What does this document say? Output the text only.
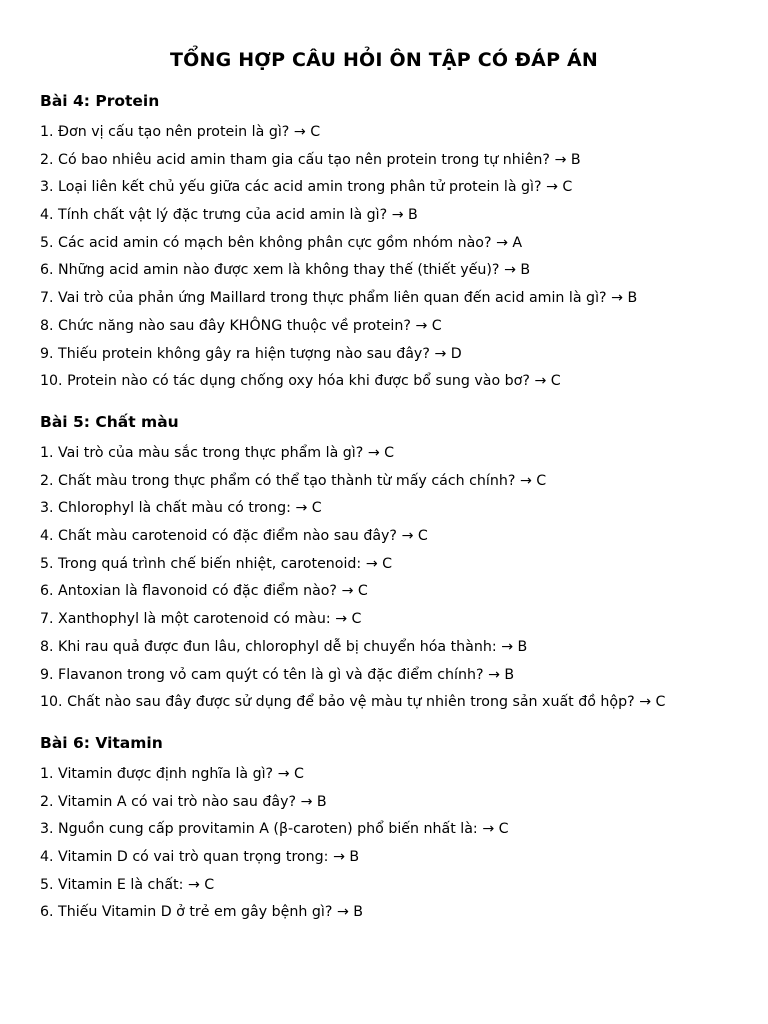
TỔNG HỢP CÂU HỎI ÔN TẬP CÓ ĐÁP ÁN
Bài 4: Protein
1. Đơn vị cấu tạo nên protein là gì? → C
2. Có bao nhiêu acid amin tham gia cấu tạo nên protein trong tự nhiên? → B
3. Loại liên kết chủ yếu giữa các acid amin trong phân tử protein là gì? → C
4. Tính chất vật lý đặc trưng của acid amin là gì? → B
5. Các acid amin có mạch bên không phân cực gồm nhóm nào? → A
6. Những acid amin nào được xem là không thay thế (thiết yếu)? → B
7. Vai trò của phản ứng Maillard trong thực phẩm liên quan đến acid amin là gì? → B
8. Chức năng nào sau đây KHÔNG thuộc về protein? → C
9. Thiếu protein không gây ra hiện tượng nào sau đây? → D
10. Protein nào có tác dụng chống oxy hóa khi được bổ sung vào bơ? → C
Bài 5: Chất màu
1. Vai trò của màu sắc trong thực phẩm là gì? → C
2. Chất màu trong thực phẩm có thể tạo thành từ mấy cách chính? → C
3. Chlorophyl là chất màu có trong: → C
4. Chất màu carotenoid có đặc điểm nào sau đây? → C
5. Trong quá trình chế biến nhiệt, carotenoid: → C
6. Antoxian là flavonoid có đặc điểm nào? → C
7. Xanthophyl là một carotenoid có màu: → C
8. Khi rau quả được đun lâu, chlorophyl dễ bị chuyển hóa thành: → B
9. Flavanon trong vỏ cam quýt có tên là gì và đặc điểm chính? → B
10. Chất nào sau đây được sử dụng để bảo vệ màu tự nhiên trong sản xuất đồ hộp? → C
Bài 6: Vitamin
1. Vitamin được định nghĩa là gì? → C
2. Vitamin A có vai trò nào sau đây? → B
3. Nguồn cung cấp provitamin A (β-caroten) phổ biến nhất là: → C
4. Vitamin D có vai trò quan trọng trong: → B
5. Vitamin E là chất: → C
6. Thiếu Vitamin D ở trẻ em gây bệnh gì? → B
